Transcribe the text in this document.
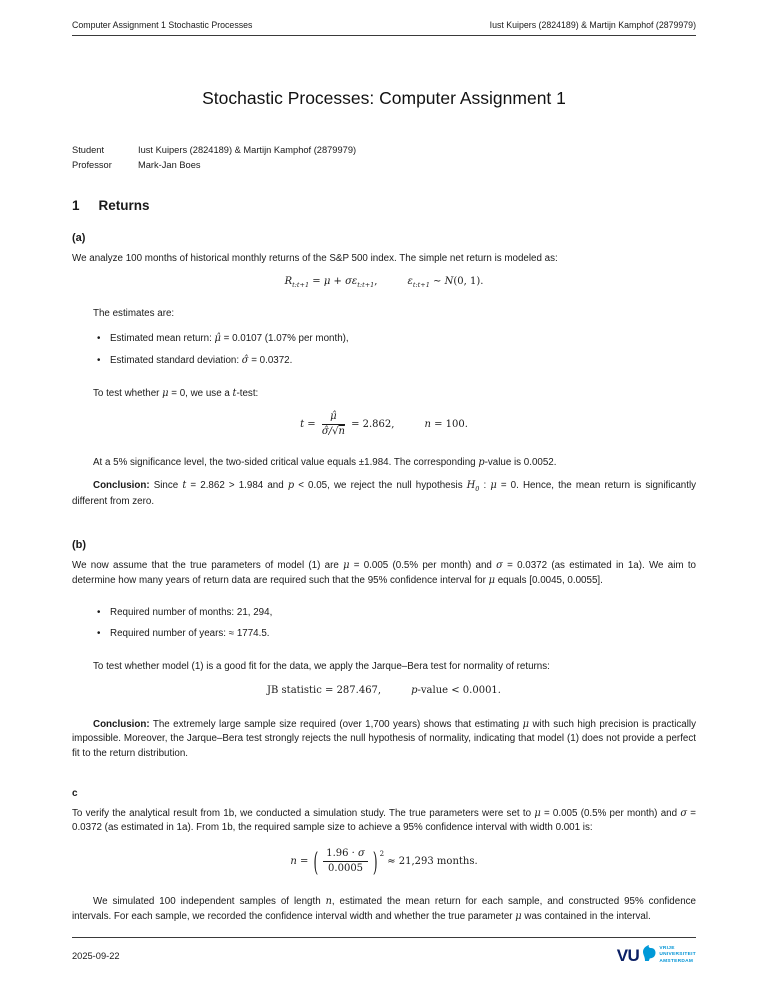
Computer Assignment 1 Stochastic Processes	Iust Kuipers (2824189) & Martijn Kamphof (2879979)
Stochastic Processes: Computer Assignment 1
Student	Iust Kuipers (2824189) & Martijn Kamphof (2879979)
Professor	Mark-Jan Boes
1 Returns
(a)

We analyze 100 months of historical monthly returns of the S&P 500 index. The simple net return is modeled as:

$R_{t:t+1} = \mu + \sigma\varepsilon_{t:t+1}$,	$\varepsilon_{t:t+1}$ ∼ N(0, 1).

The estimates are:

• Estimated mean return: μ̂ = 0.0107 (1.07% per month),
• Estimated standard deviation: σ̂ = 0.0372.

To test whether μ = 0, we use a t-test:

$t = \frac{\mû}{\sigmâ/√n} = 2.862$,	n = 100.

At a 5% significance level, the two-sided critical value equals ±1.984. The corresponding p-value is 0.0052.

Conclusion: Since t = 2.862 > 1.984 and p < 0.05, we reject the null hypothesis $H_0$ : μ = 0. Hence, the mean return is significantly different from zero.

(b)

We now assume that the true parameters of model (1) are μ = 0.005 (0.5% per month) and σ = 0.0372 (as estimated in 1a). We aim to determine how many years of return data are required such that the 95% confidence interval for μ equals [0.0045, 0.0055].

• Required number of months: 21, 294,
• Required number of years: ≈ 1774.5.

To test whether model (1) is a good fit for the data, we apply the Jarque–Bera test for normality of returns:

JB statistic = 287.467,	p-value < 0.0001.

Conclusion: The extremely large sample size required (over 1,700 years) shows that estimating μ with such high precision is practically impossible. Moreover, the Jarque–Bera test strongly rejects the null hypothesis of normality, indicating that model (1) does not provide a perfect fit to the return distribution.

c

To verify the analytical result from 1b, we conducted a simulation study. The true parameters were set to μ = 0.005 (0.5% per month) and σ = 0.0372 (as estimated in 1a). From 1b, the required sample size to achieve a 95% confidence interval with width 0.001 is:

n = ( $\frac{1.96 \cdot \sigma}{0.0005}$ ) $^2$ ≈ 21,293 months.

We simulated 100 independent samples of length n, estimated the mean return for each sample, and constructed 95% confidence intervals. For each sample, we recorded the confidence interval width and whether the true parameter μ was contained in the interval.

2025-09-22	VU	VRIJE
UNIVERSITEIT
AMSTERDAM
